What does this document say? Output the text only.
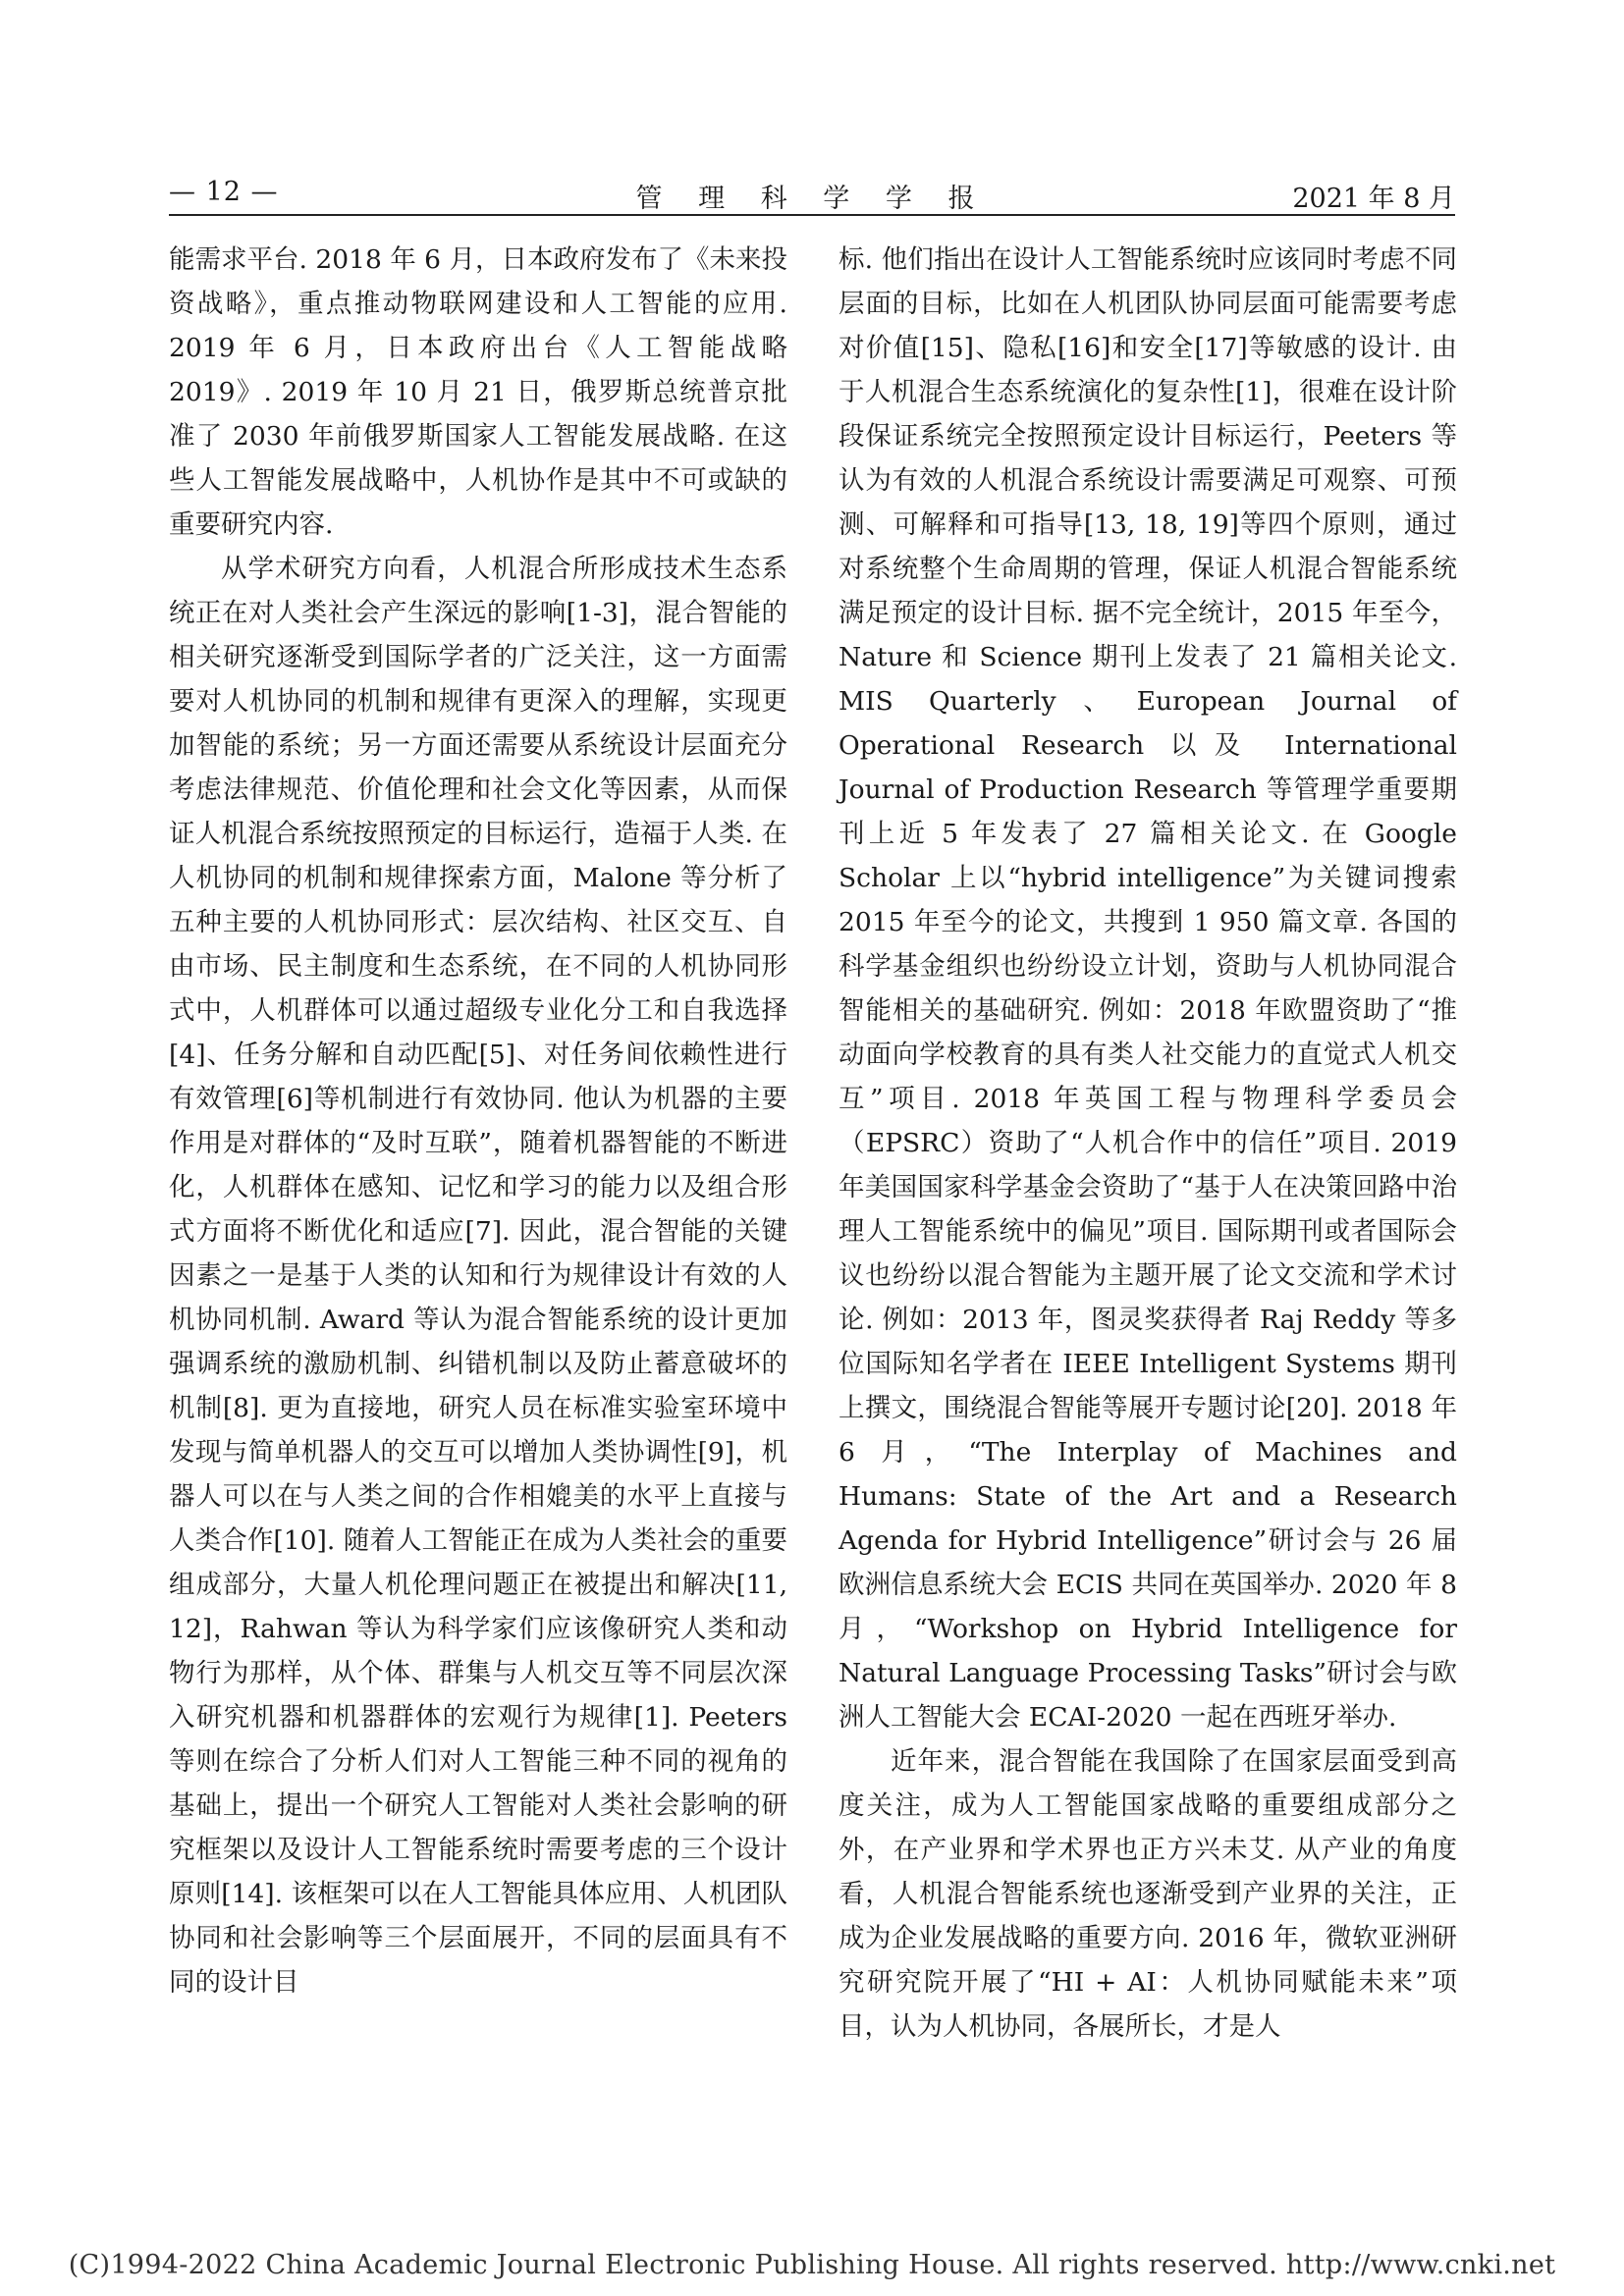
— 12 —	管 理 科 学 学 报	2021 年 8 月

能需求平台. 2018 年 6 月，日本政府发布了《未来投资战略》，重点推动物联网建设和人工智能的应用. 2019 年 6 月，日本政府出台《人工智能战略 2019》. 2019 年 10 月 21 日，俄罗斯总统普京批准了 2030 年前俄罗斯国家人工智能发展战略. 在这些人工智能发展战略中，人机协作是其中不可或缺的重要研究内容.

从学术研究方向看，人机混合所形成技术生态系统正在对人类社会产生深远的影响[1-3]，混合智能的相关研究逐渐受到国际学者的广泛关注，这一方面需要对人机协同的机制和规律有更深入的理解，实现更加智能的系统；另一方面还需要从系统设计层面充分考虑法律规范、价值伦理和社会文化等因素，从而保证人机混合系统按照预定的目标运行，造福于人类. 在人机协同的机制和规律探索方面，Malone 等分析了五种主要的人机协同形式：层次结构、社区交互、自由市场、民主制度和生态系统，在不同的人机协同形式中，人机群体可以通过超级专业化分工和自我选择[4]、任务分解和自动匹配[5]、对任务间依赖性进行有效管理[6]等机制进行有效协同. 他认为机器的主要作用是对群体的“及时互联”，随着机器智能的不断进化，人机群体在感知、记忆和学习的能力以及组合形式方面将不断优化和适应[7]. 因此，混合智能的关键因素之一是基于人类的认知和行为规律设计有效的人机协同机制. Award 等认为混合智能系统的设计更加强调系统的激励机制、纠错机制以及防止蓄意破坏的机制[8]. 更为直接地，研究人员在标准实验室环境中发现与简单机器人的交互可以增加人类协调性[9]，机器人可以在与人类之间的合作相媲美的水平上直接与人类合作[10]. 随着人工智能正在成为人类社会的重要组成部分，大量人机伦理问题正在被提出和解决[11, 12]，Rahwan 等认为科学家们应该像研究人类和动物行为那样，从个体、群集与人机交互等不同层次深入研究机器和机器群体的宏观行为规律[1]. Peeters 等则在综合了分析人们对人工智能三种不同的视角的基础上，提出一个研究人工智能对人类社会影响的研究框架以及设计人工智能系统时需要考虑的三个设计原则[14]. 该框架可以在人工智能具体应用、人机团队协同和社会影响等三个层面展开，不同的层面具有不同的设计目

标. 他们指出在设计人工智能系统时应该同时考虑不同层面的目标，比如在人机团队协同层面可能需要考虑对价值[15]、隐私[16]和安全[17]等敏感的设计. 由于人机混合生态系统演化的复杂性[1]，很难在设计阶段保证系统完全按照预定设计目标运行，Peeters 等认为有效的人机混合系统设计需要满足可观察、可预测、可解释和可指导[13, 18, 19]等四个原则，通过对系统整个生命周期的管理，保证人机混合智能系统满足预定的设计目标. 据不完全统计，2015 年至今，Nature 和 Science 期刊上发表了 21 篇相关论文. MIS Quarterly、European Journal of Operational Research 以及 International Journal of Production Research 等管理学重要期刊上近 5 年发表了 27 篇相关论文. 在 Google Scholar 上以“hybrid intelligence”为关键词搜索 2015 年至今的论文，共搜到 1 950 篇文章. 各国的科学基金组织也纷纷设立计划，资助与人机协同混合智能相关的基础研究. 例如：2018 年欧盟资助了“推动面向学校教育的具有类人社交能力的直觉式人机交互”项目. 2018 年英国工程与物理科学委员会（EPSRC）资助了“人机合作中的信任”项目. 2019 年美国国家科学基金会资助了“基于人在决策回路中治理人工智能系统中的偏见”项目. 国际期刊或者国际会议也纷纷以混合智能为主题开展了论文交流和学术讨论. 例如：2013 年，图灵奖获得者 Raj Reddy 等多位国际知名学者在 IEEE Intelligent Systems 期刊上撰文，围绕混合智能等展开专题讨论[20]. 2018 年 6 月，“The Interplay of Machines and Humans: State of the Art and a Research Agenda for Hybrid Intelligence”研讨会与 26 届欧洲信息系统大会 ECIS 共同在英国举办. 2020 年 8 月，“Workshop on Hybrid Intelligence for Natural Language Processing Tasks”研讨会与欧洲人工智能大会 ECAI-2020 一起在西班牙举办.

近年来，混合智能在我国除了在国家层面受到高度关注，成为人工智能国家战略的重要组成部分之外，在产业界和学术界也正方兴未艾. 从产业的角度看，人机混合智能系统也逐渐受到产业界的关注，正成为企业发展战略的重要方向. 2016 年，微软亚洲研究研究院开展了“HI + AI：人机协同赋能未来”项目，认为人机协同，各展所长，才是人

(C)1994-2022 China Academic Journal Electronic Publishing House. All rights reserved. http://www.cnki.net
